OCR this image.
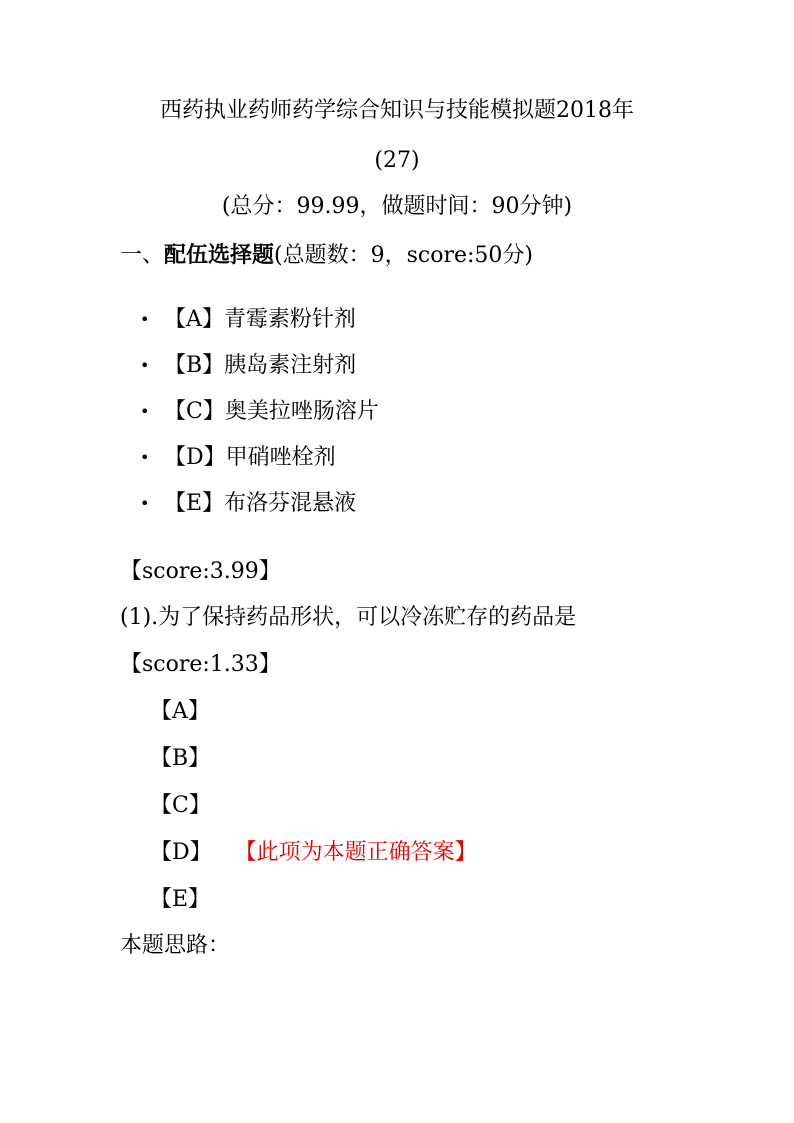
西药执业药师药学综合知识与技能模拟题2018年
(27)
(总分：99.99，做题时间：90分钟)
一、配伍选择题(总题数：9，score:50分)
• 【A】青霉素粉针剂
• 【B】胰岛素注射剂
• 【C】奥美拉唑肠溶片
• 【D】甲硝唑栓剂
• 【E】布洛芬混悬液
【score:3.99】
(1).为了保持药品形状，可以冷冻贮存的药品是
【score:1.33】
【A】
【B】
【C】
【D】 【此项为本题正确答案】
【E】
本题思路：
